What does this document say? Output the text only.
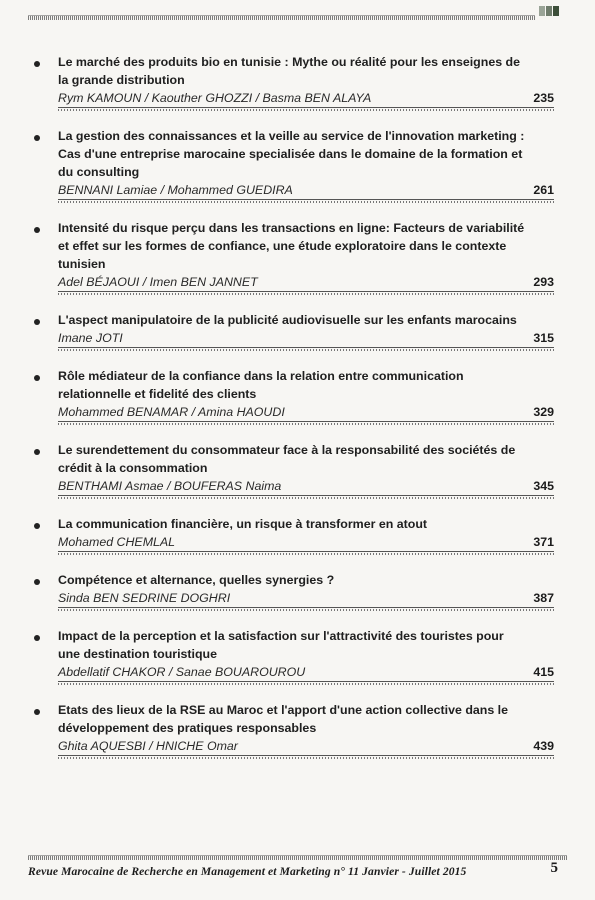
Le marché des produits bio en tunisie : Mythe ou réalité pour les enseignes de la grande distribution
Rym KAMOUN / Kaouther GHOZZI / Basma BEN ALAYA	235
La gestion des connaissances et la veille au service de l'innovation marketing : Cas d'une entreprise marocaine specialisée dans le domaine de la formation et du consulting
BENNANI Lamiae / Mohammed GUEDIRA	261
Intensité du risque perçu dans les transactions en ligne: Facteurs de variabilité et effet sur les formes de confiance, une étude exploratoire dans le contexte tunisien
Adel BÉJAOUI / Imen BEN JANNET	293
L'aspect manipulatoire de la publicité audiovisuelle sur les enfants marocains
Imane JOTI	315
Rôle médiateur de la confiance dans la relation entre communication relationnelle et fidelité des clients
Mohammed BENAMAR / Amina HAOUDI	329
Le surendettement du consommateur face à la responsabilité des sociétés de crédit à la consommation
BENTHAMI Asmae / BOUFERAS Naima	345
La communication financière, un risque à transformer en atout
Mohamed CHEMLAL	371
Compétence et alternance, quelles synergies ?
Sinda BEN SEDRINE DOGHRI	387
Impact de la perception et la satisfaction sur l'attractivité des touristes pour une destination touristique
Abdellatif CHAKOR / Sanae BOUAROUROU	415
Etats des lieux de la RSE au Maroc et l'apport d'une action collective dans le développement des pratiques responsables
Ghita AQUESBI / HNICHE Omar	439
Revue Marocaine de Recherche en Management et Marketing n° 11 Janvier - Juillet 2015	5
